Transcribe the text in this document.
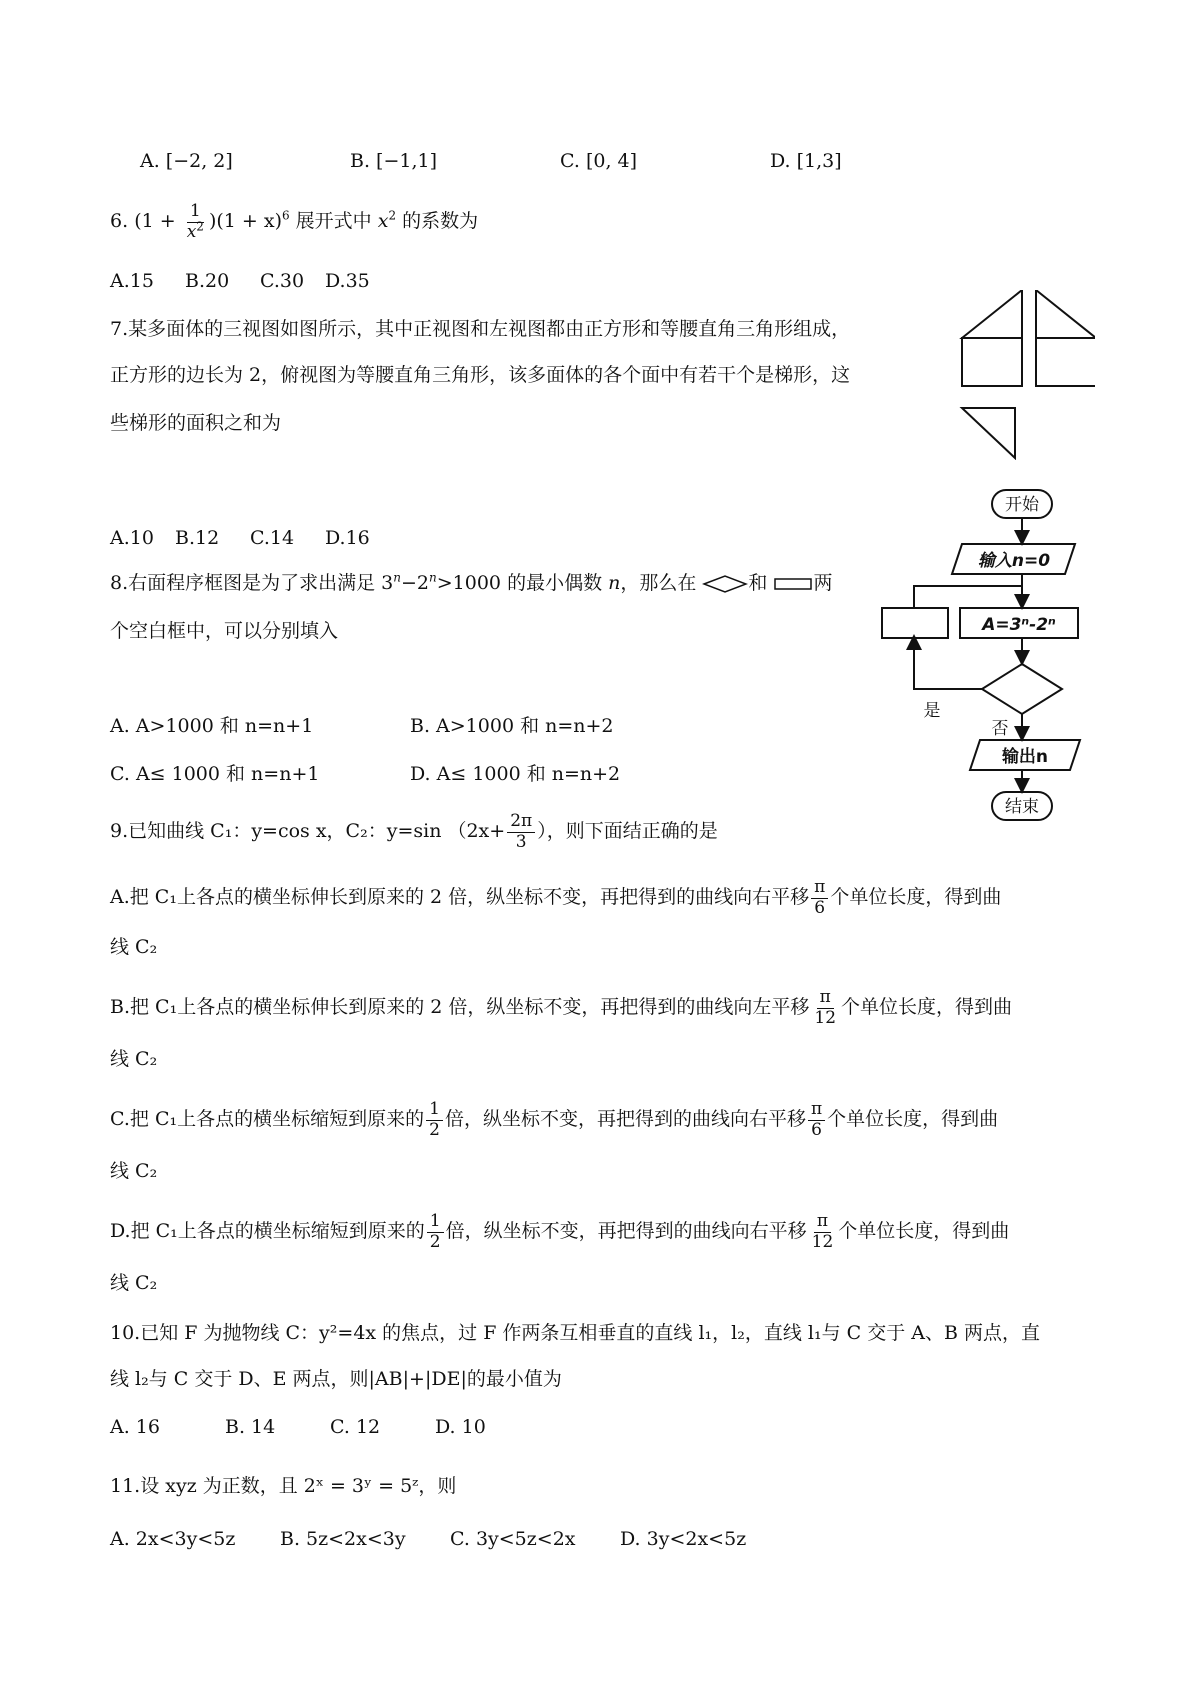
A. [−2, 2]	B. [−1,1]	C. [0, 4]	D. [1,3]
6. $(1 + \frac{1}{x^2} )(1 + x)^6$ 展开式中 $x^2$ 的系数为
A.15	B.20	C.30	D.35
7.某多面体的三视图如图所示，其中正视图和左视图都由正方形和等腰直角三角形组成，
正方形的边长为 2，俯视图为等腰直角三角形，该多面体的各个面中有若干个是梯形，这
些梯形的面积之和为
A.10	B.12	C.14	D.16
8.右面程序框图是为了求出满足 $3^n-2^n>1000$ 的最小偶数 n，那么在	和 两
个空白框中，可以分别填入
A. A>1000 和 n=n+1	B. A>1000 和 n=n+2
C. A≤ 1000 和 n=n+1	D. A≤ 1000 和 n=n+2
开始
输入n=0
A=3ⁿ-2ⁿ
是
否
输出n
结束
9.已知曲线 C₁：y=cos x，C₂：y=sin （$2x+ \frac{2\pi}{3}$ ），则下面结正确的是
A.把 C₁上各点的横坐标伸长到原来的 2 倍，纵坐标不变，再把得到的曲线向右平移 $\frac{\pi}{6}$ 个单位长度，得到曲
线 C₂
B.把 C₁上各点的横坐标伸长到原来的 2 倍，纵坐标不变，再把得到的曲线向左平移 $\frac{\pi}{12}$ 个单位长度，得到曲
线 C₂
C.把 C₁上各点的横坐标缩短到原来的 $\frac{1}{2}$ 倍，纵坐标不变，再把得到的曲线向右平移 $\frac{\pi}{6}$ 个单位长度，得到曲
线 C₂
D.把 C₁上各点的横坐标缩短到原来的 $\frac{1}{2}$ 倍，纵坐标不变，再把得到的曲线向右平移 $\frac{\pi}{12}$ 个单位长度，得到曲
线 C₂
10.已知 F 为抛物线 C：y²=4x 的焦点，过 F 作两条互相垂直的直线 l₁，l₂，直线 l₁与 C 交于 A、B 两点，直
线 l₂与 C 交于 D、E 两点，则|AB|+|DE|的最小值为
A. 16	B. 14	C. 12	D. 10
11.设 xyz 为正数，且 2ˣ = 3ʸ = 5ᶻ，则
A. 2x<3y<5z	B. 5z<2x<3y	C. 3y<5z<2x	D. 3y<2x<5z
